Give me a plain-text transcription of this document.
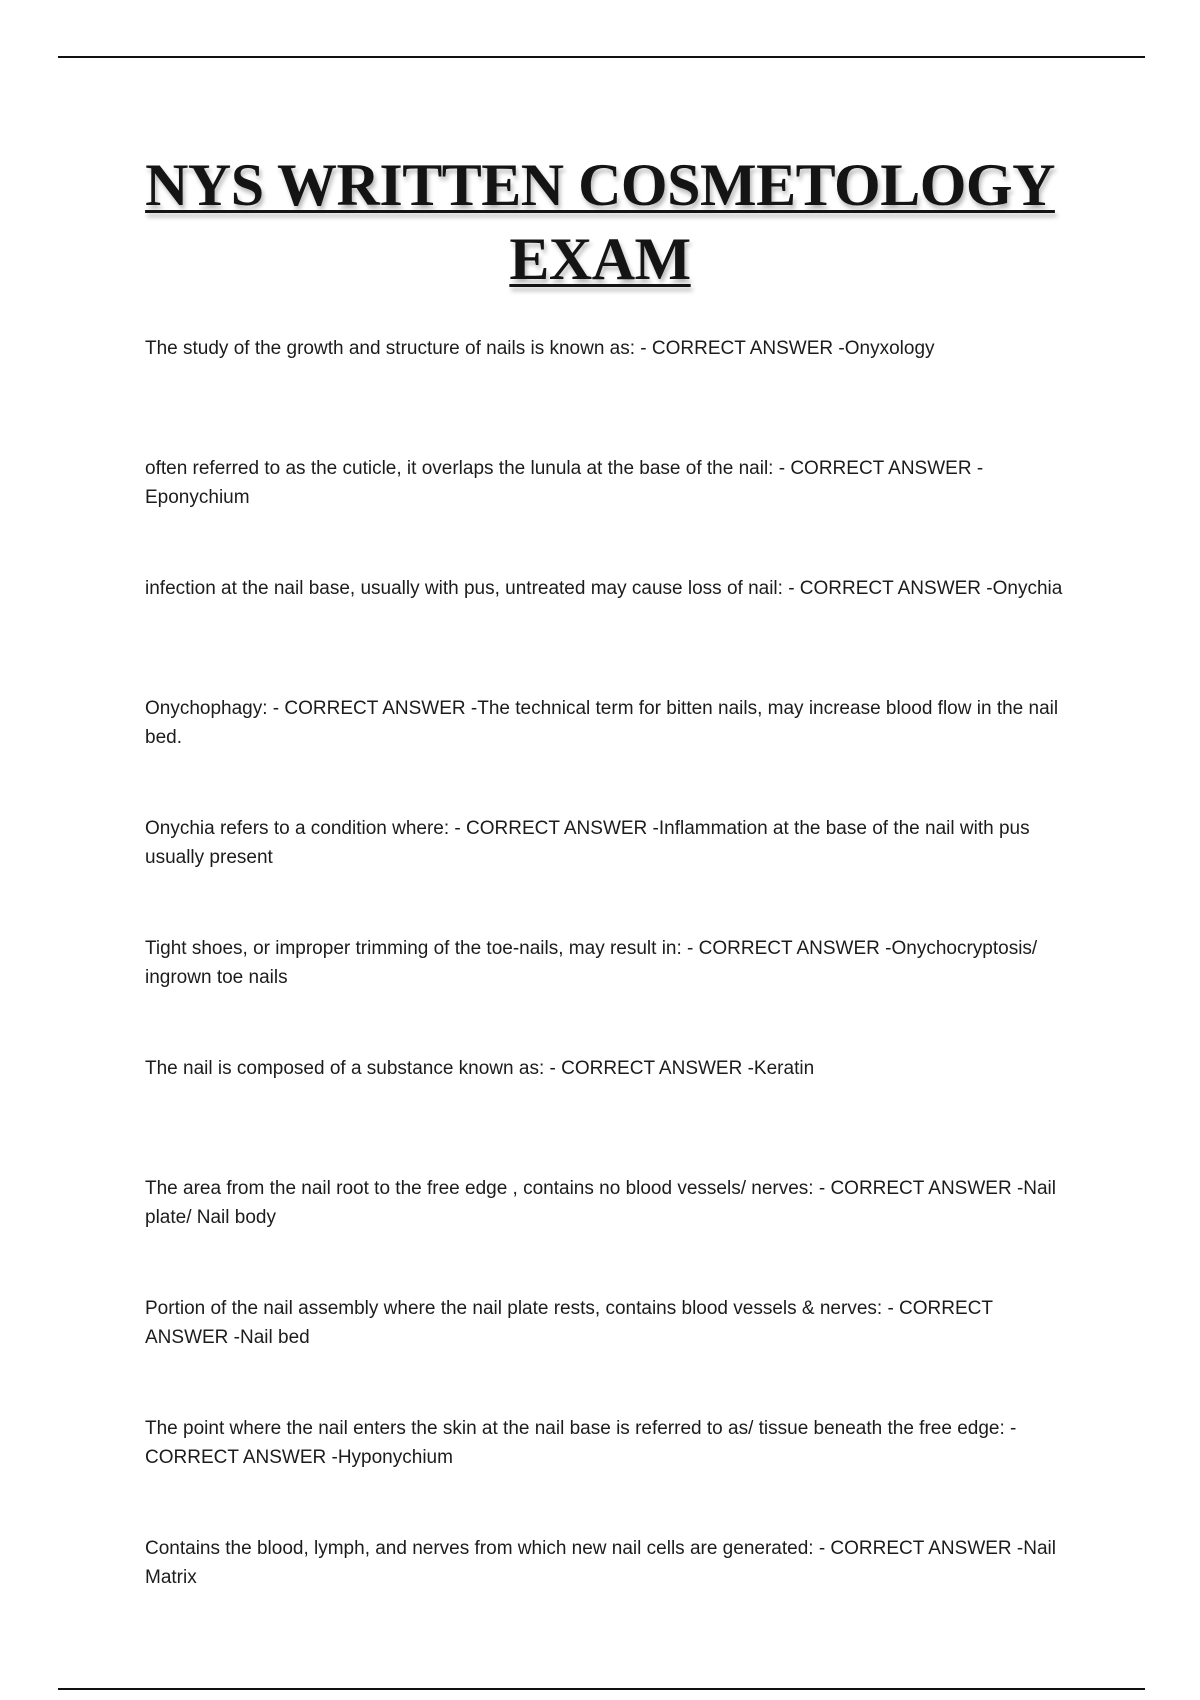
NYS WRITTEN COSMETOLOGY
EXAM
The study of the growth and structure of nails is known as: - CORRECT ANSWER -Onyxology
often referred to as the cuticle, it overlaps the lunula at the base of the nail: - CORRECT ANSWER -Eponychium
infection at the nail base, usually with pus, untreated may cause loss of nail: - CORRECT ANSWER -Onychia
Onychophagy: - CORRECT ANSWER -The technical term for bitten nails, may increase blood flow in the nail bed.
Onychia refers to a condition where: - CORRECT ANSWER -Inflammation at the base of the nail with pus usually present
Tight shoes, or improper trimming of the toe-nails, may result in: - CORRECT ANSWER -Onychocryptosis/ ingrown toe nails
The nail is composed of a substance known as: - CORRECT ANSWER -Keratin
The area from the nail root to the free edge , contains no blood vessels/ nerves: - CORRECT ANSWER -Nail plate/ Nail body
Portion of the nail assembly where the nail plate rests, contains blood vessels & nerves: - CORRECT ANSWER -Nail bed
The point where the nail enters the skin at the nail base is referred to as/ tissue beneath the free edge: - CORRECT ANSWER -Hyponychium
Contains the blood, lymph, and nerves from which new nail cells are generated: - CORRECT ANSWER -Nail Matrix
